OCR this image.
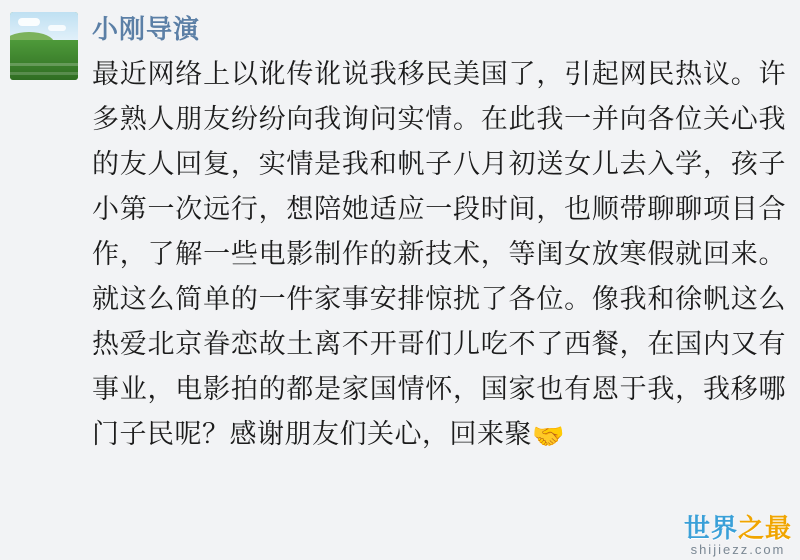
小刚导演
最近网络上以讹传讹说我移民美国了，引起网民热议。许多熟人朋友纷纷向我询问实情。在此我一并向各位关心我的友人回复，实情是我和帆子八月初送女儿去入学，孩子小第一次远行，想陪她适应一段时间，也顺带聊聊项目合作，了解一些电影制作的新技术，等闺女放寒假就回来。就这么简单的一件家事安排惊扰了各位。像我和徐帆这么热爱北京眷恋故土离不开哥们儿吃不了西餐，在国内又有事业，电影拍的都是家国情怀，国家也有恩于我，我移哪门子民呢？感谢朋友们关心，回来聚🤝
世界之最
shijiezz.com
